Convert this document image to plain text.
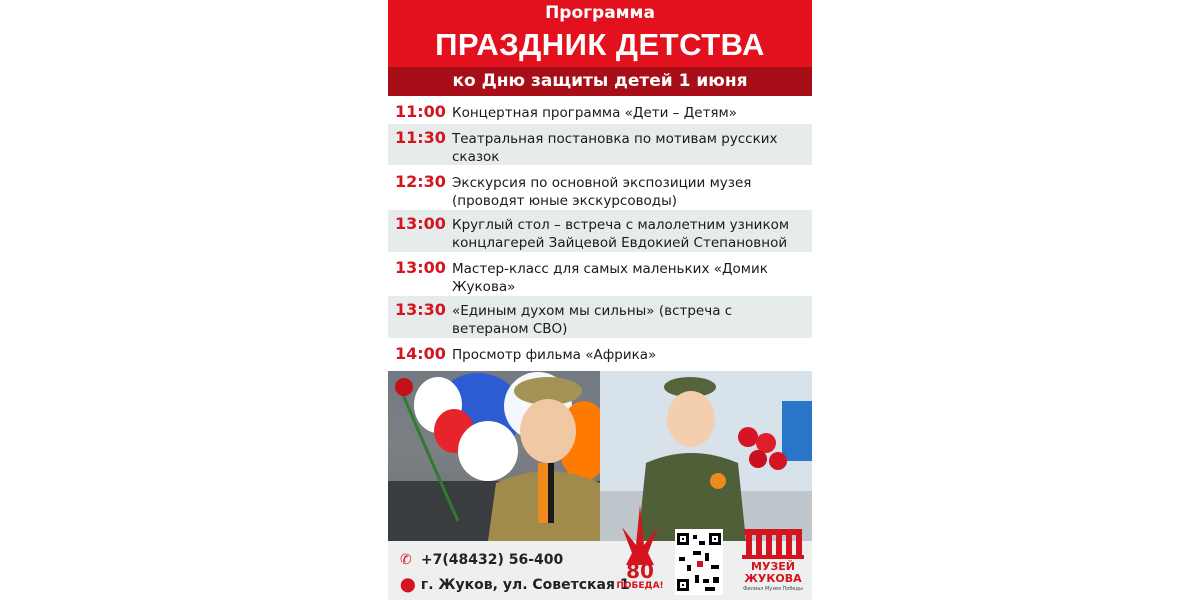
Программа
ПРАЗДНИК ДЕТСТВА
ко Дню защиты детей 1 июня
11:00 Концертная программа «Дети – Детям»
11:30 Театральная постановка по мотивам русских сказок
12:30 Экскурсия по основной экспозиции музея (проводят юные экскурсоводы)
13:00 Круглый стол – встреча с малолетним узником концлагерей Зайцевой Евдокией Степановной
13:00 Мастер-класс для самых маленьких «Домик Жукова»
13:30 «Единым духом мы сильны» (встреча с ветераном СВО)
14:00 Просмотр фильма «Африка»
✆ +7(48432) 56-400
⬤ г. Жуков, ул. Советская 1
80
ПОБЕДА!
МУЗЕЙ
ЖУКОВА
Филиал Музея Победы
